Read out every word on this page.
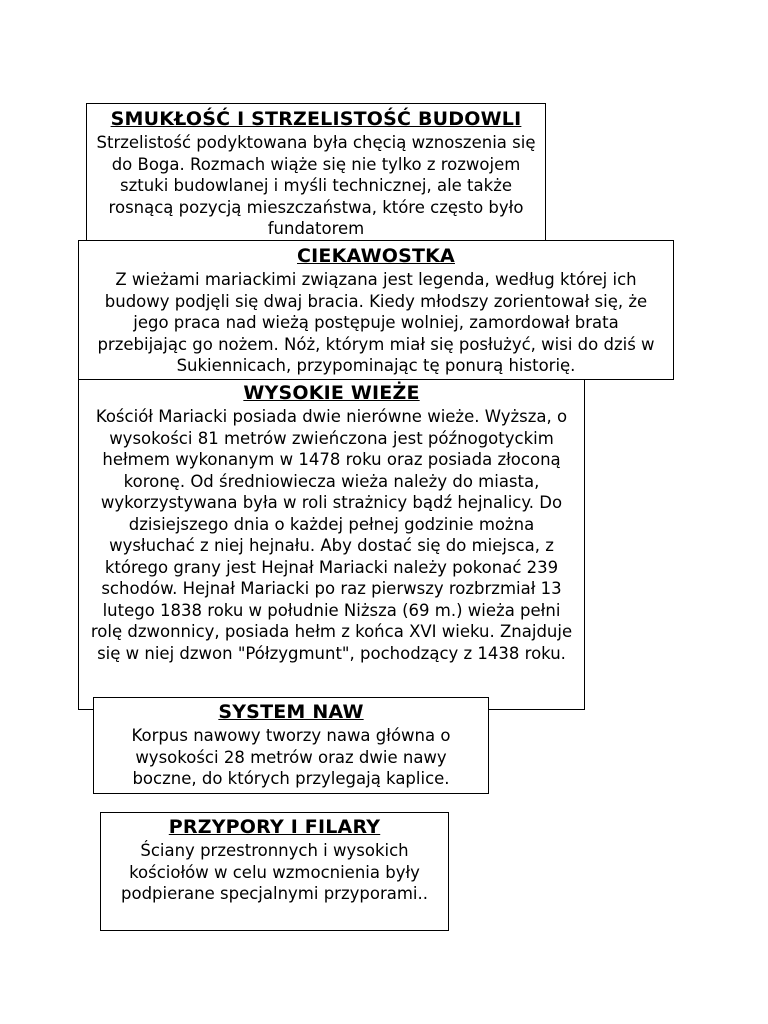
SMUKŁOŚĆ I STRZELISTOŚĆ BUDOWLI

Strzelistość podyktowana była chęcią wznoszenia się do Boga. Rozmach wiąże się nie tylko z rozwojem sztuki budowlanej i myśli technicznej, ale także rosnącą pozycją mieszczaństwa, które często było fundatorem

CIEKAWOSTKA

Z wieżami mariackimi związana jest legenda, według której ich budowy podjęli się dwaj bracia. Kiedy młodszy zorientował się, że jego praca nad wieżą postępuje wolniej, zamordował brata przebijając go nożem. Nóż, którym miał się posłużyć, wisi do dziś w Sukiennicach, przypominając tę ponurą historię.

WYSOKIE WIEŻE

Kościół Mariacki posiada dwie nierówne wieże. Wyższa, o wysokości 81 metrów zwieńczona jest późnogotyckim hełmem wykonanym w 1478 roku oraz posiada złoconą koronę. Od średniowiecza wieża należy do miasta, wykorzystywana była w roli strażnicy bądź hejnalicy. Do dzisiejszego dnia o każdej pełnej godzinie można wysłuchać z niej hejnału. Aby dostać się do miejsca, z którego grany jest Hejnał Mariacki należy pokonać 239 schodów. Hejnał Mariacki po raz pierwszy rozbrzmiał 13 lutego 1838 roku w południe Niższa (69 m.) wieża pełni rolę dzwonnicy, posiada hełm z końca XVI wieku. Znajduje się w niej dzwon "Półzygmunt", pochodzący z 1438 roku.

SYSTEM NAW

Korpus nawowy tworzy nawa główna o wysokości 28 metrów oraz dwie nawy boczne, do których przylegają kaplice.

PRZYPORY I FILARY

Ściany przestronnych i wysokich kościołów w celu wzmocnienia były podpierane specjalnymi przyporami..
